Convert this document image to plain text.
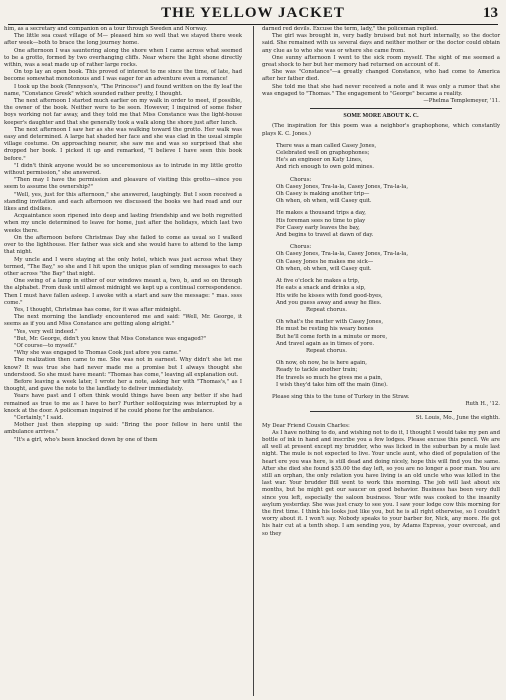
THE YELLOW JACKET	13

him, as a secretary and companion on a tour through Sweden and Norway.

The little sea coast village of M— pleased him so well that we stayed there week after week—both to brace the long journey home.

One afternoon I was sauntering along the shore when I came across what seemed to be a grotto, formed by two overhanging cliffs. Near where the light shone directly within, was a seat made up of rather large rocks.

On top lay an open book. This proved of interest to me since the time, of late, had become somewhat monotonous and I was eager for an adventure even a romance!

I took up the book (Tennyson's, "The Princess") and found written on the fly leaf the name, "Constance Greek" which sounded rather pretty, I thought.

The next afternoon I started much earlier on my walk in order to meet, if possible, the owner of the book. Neither were to be seen. However, I inquired of some fisher boys working not far away, and they told me that Miss Constance was the light-house keeper's daughter and that she generally took a walk along the shore just after lunch.

The next afternoon I saw her as she was walking toward the grotto. Her walk was easy and determined. A large hat shaded her face and she was clad in the usual simple village costume. On approaching nearer, she saw me and was so surprised that she dropped her book. I picked it up and remarked, "I believe I have seen this book before."

"I didn't think anyone would be so unceremonious as to intrude in my little grotto without permission," she answered.

"Then may I have the permission and pleasure of visiting this grotto—since you seem to assume the ownership?"

"Well, yes, just for this afternoon," she answered, laughingly. But I soon received a standing invitation and each afternoon we discussed the books we had read and our likes and dislikes.

Acquaintance soon ripened into deep and lasting friendship and we both regretted when my uncle determined to leave for home, just after the holidays, which last two weeks there.

On the afternoon before Christmas Day she failed to come as usual so I walked over to the lighthouse. Her father was sick and she would have to attend to the lamp that night.

My uncle and I were staying at the only hotel, which was just across what they termed, "The Bay," so she and I hit upon the unique plan of sending messages to each other across "the Bay" that night.

One swing of a lamp in either of our windows meant a, two, b, and so on through the alphabet. From dusk until almost midnight we kept up a continual correspondence. Then I must have fallen asleep. I awoke with a start and saw the message: " mas. ssss come."

Yes, I thought, Christmas has come, for it was after midnight.

The next morning the landlady encountered me and said: "Well, Mr. George, it seems as if you and Miss Constance are getting along alright."

"Yes, very well indeed."

"But, Mr. George, didn't you know that Miss Constance was engaged?"

"Of course—to myself."

"Why she was engaged to Thomas Cook just afore you came."

The realization then came to me. She was not in earnest. Why didn't she let me know? It was true she had never made me a promise but I always thought she understood. So she must have meant: "Thomas has come," leaving all explanation out.

Before leaving a week later, I wrote her a note, asking her with "Thomas's," as I thought, and gave the note to the landlady to deliver immediately.

Years have past and I often think would things have been any better if she had remained as true to me as I have to her? Further soliloquizing was interrupted by a knock at the door. A policeman inquired if he could phone for the ambulance.

"Certainly," I said.

Mother just then stepping up said: "Bring the poor fellow in here until the ambulance arrives."

"It's a girl, who's been knocked down by one of them

darned red devils. Excuse the term, lady," the policeman replied.

The girl was brought in, very badly bruised but not hurt internally, so the doctor said. She remained with us several days and neither mother or the doctor could obtain any clue as to who she was or where she came from.

One sunny afternoon I went to the sick room myself. The sight of me seemed a great shock to her but her memory had returned on account of it.

She was "Constance"—a greatly changed Constance, who had come to America after her father died.

She told me that she had never received a note and it was only a rumor that she was engaged to "Thomas." The engagement to "George" became a reality.

—Phelma Templemeyer, '11.

SOME MORE ABOUT K. C.

(The inspiration for this poem was a neighbor's graphophone, which constantly plays K. C. Jones.)

There was a man called Casey Jones,
Celebrated well on graphophones;
He's an engineer on Katy Lines,
And rich enough to own gold mines.
Chorus:
Oh Casey Jones, Tra-la-la, Casey Jones, Tra-la-la,
Oh Casey is making another trip—
Oh when, oh when, will Casey quit.
He makes a thousand trips a day,
His foreman sees no time to play
For Casey early leaves the bay,
And begins to travel at dawn of day.
Chorus:
Oh Casey Jones, Tra-la-la, Casey Jones, Tra-la-la,
Oh Casey Jones he makes me sick—
Oh when, oh when, will Casey quit.
At five o'clock he makes a trip,
He eats a snack and drinks a sip,
His wife he kisses with fond good-byes,
And you guess away and away he flies.
Repeat chorus.
Oh what's the matter with Casey Jones,
He must be resting his weary bones
But he'll come forth in a minute or more,
And travel again as in times of yore.
Repeat chorus.
Oh now, oh now, he is here again,
Ready to tackle another train;
He travels so much he gives me a pain,
I wish they'd take him off the main (line).

Please sing this to the tune of Turkey in the Straw.

Ruth H., '12.

St. Louis, Mo., June the eighth.

My Dear Friend Cousin Charles:

As I have nothing to do, and wishing not to do it, I thought I would take my pen and bottle of ink in hand and inscribe you a few lodges. Please excuse this pencil. We are all well at present except my brudder, who was licked in the suburban by a mule last night. The mule is not expected to live. Your uncle aunt, who died of population of the heart ere you was here, is still dead and doing nicely, hope this will find you the same. After she died she found $35.00 the day left, so you are no longer a poor man. You are still an orphan, the only relation you have living is an old uncle who was killed in the last war. Your brudder Bill went to work this morning. The job will last about six months, but he might get our saucer on good behavior. Business has been very dull since you left, especially the saloon business. Your wife was cooked to the insanity asylum yesterday. She was just crazy to see you. I saw your lodge cow this morning for the first time. I think his looks just like you, but he is all right otherwise, so I couldn't worry about it. I won't say. Nobody speaks to your barber for, Nick, any more. He got his hair cut at a tenth shop. I am sending you, by Adams Express, your overcoat, and so they
